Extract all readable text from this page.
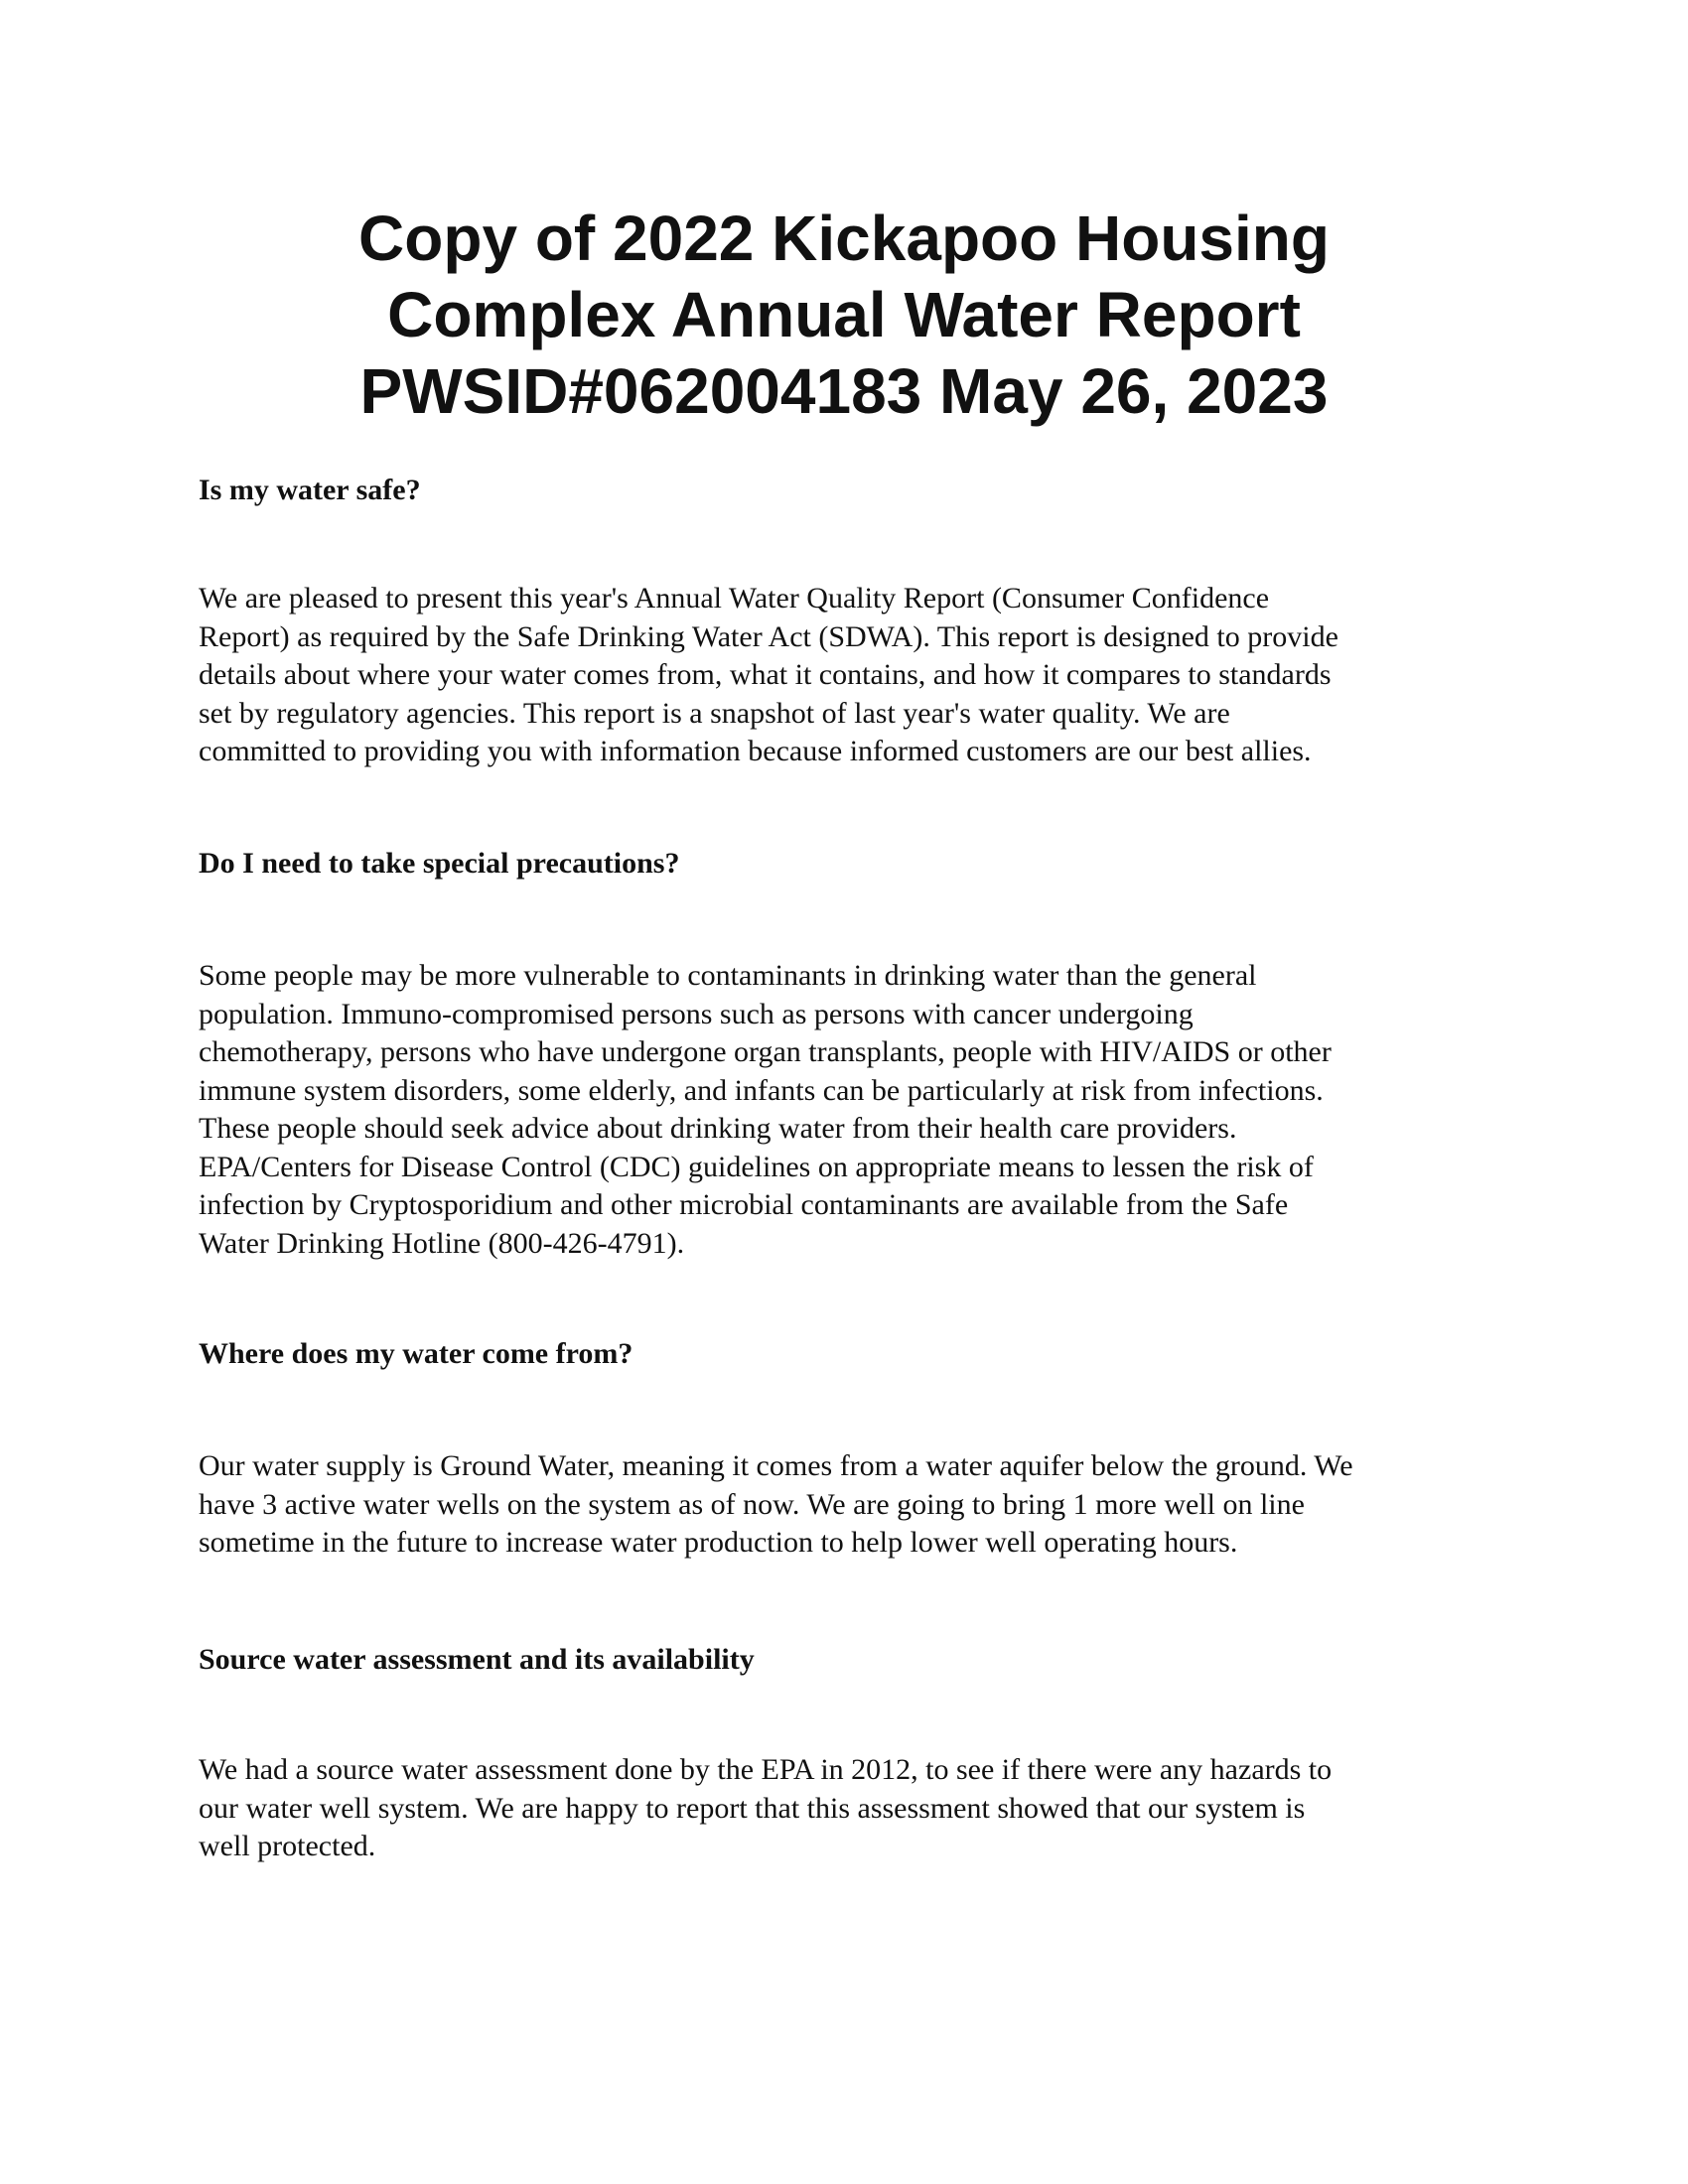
Copy of 2022 Kickapoo Housing
Complex Annual Water Report
PWSID#062004183 May 26, 2023
Is my water safe?

We are pleased to present this year's Annual Water Quality Report (Consumer Confidence
Report) as required by the Safe Drinking Water Act (SDWA). This report is designed to provide
details about where your water comes from, what it contains, and how it compares to standards
set by regulatory agencies. This report is a snapshot of last year's water quality. We are
committed to providing you with information because informed customers are our best allies.

Do I need to take special precautions?

Some people may be more vulnerable to contaminants in drinking water than the general
population. Immuno-compromised persons such as persons with cancer undergoing
chemotherapy, persons who have undergone organ transplants, people with HIV/AIDS or other
immune system disorders, some elderly, and infants can be particularly at risk from infections.
These people should seek advice about drinking water from their health care providers.
EPA/Centers for Disease Control (CDC) guidelines on appropriate means to lessen the risk of
infection by Cryptosporidium and other microbial contaminants are available from the Safe
Water Drinking Hotline (800-426-4791).

Where does my water come from?

Our water supply is Ground Water, meaning it comes from a water aquifer below the ground. We
have 3 active water wells on the system as of now. We are going to bring 1 more well on line
sometime in the future to increase water production to help lower well operating hours.

Source water assessment and its availability

We had a source water assessment done by the EPA in 2012, to see if there were any hazards to
our water well system. We are happy to report that this assessment showed that our system is
well protected.
